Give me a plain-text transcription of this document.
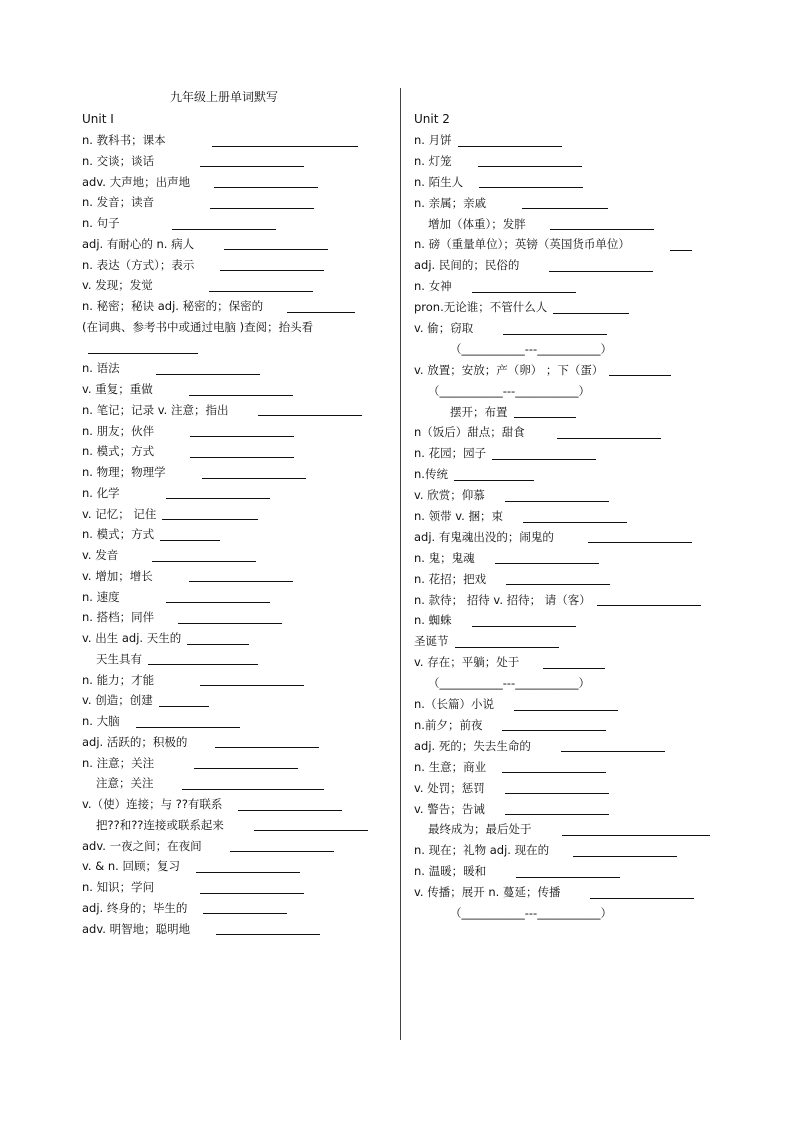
九年级上册单词默写
Unit I
n. 教科书；课本
n. 交谈；谈话
adv. 大声地；出声地
n. 发音；读音
n. 句子
adj. 有耐心的 n. 病人
n. 表达（方式）；表示
v. 发现；发觉
n. 秘密；秘诀 adj. 秘密的；保密的
(在词典、参考书中或通过电脑 )查阅；抬头看
n. 语法
v. 重复；重做
n. 笔记；记录 v. 注意；指出
n. 朋友；伙伴
n. 模式；方式
n. 物理；物理学
n. 化学
v. 记忆； 记住
n. 模式；方式
v. 发音
v. 增加；增长
n. 速度
n. 搭档；同伴
v. 出生 adj. 天生的
天生具有
n. 能力；才能
v. 创造；创建
n. 大脑
adj. 活跃的；积极的
n. 注意；关注
注意；关注
v.（使）连接；与 ??有联系
把??和??连接或联系起来
adv. 一夜之间；在夜间
v. & n. 回顾；复习
n. 知识；学问
adj. 终身的；毕生的
adv. 明智地；聪明地
Unit 2
n. 月饼
n. 灯笼
n. 陌生人
n. 亲属；亲戚
增加（体重）；发胖
n. 磅（重量单位）；英镑（英国货币单位）
adj. 民间的；民俗的
n. 女神
pron.无论谁；不管什么人
v. 偷；窃取
（___________---___________）
v. 放置；安放；产（卵） ；下（蛋）
（___________---___________）
摆开；布置
n（饭后）甜点；甜食
n. 花园；园子
n.传统
v. 欣赏；仰慕
n. 领带 v. 捆；束
adj. 有鬼魂出没的；闹鬼的
n. 鬼；鬼魂
n. 花招；把戏
n. 款待； 招待 v. 招待； 请（客）
n. 蜘蛛
圣诞节
v. 存在；平躺；处于
（___________---___________）
n.（长篇）小说
n.前夕；前夜
adj. 死的；失去生命的
n. 生意；商业
v. 处罚；惩罚
v. 警告；告诫
最终成为；最后处于
n. 现在；礼物 adj. 现在的
n. 温暖；暖和
v. 传播；展开 n. 蔓延；传播
（___________---___________）
